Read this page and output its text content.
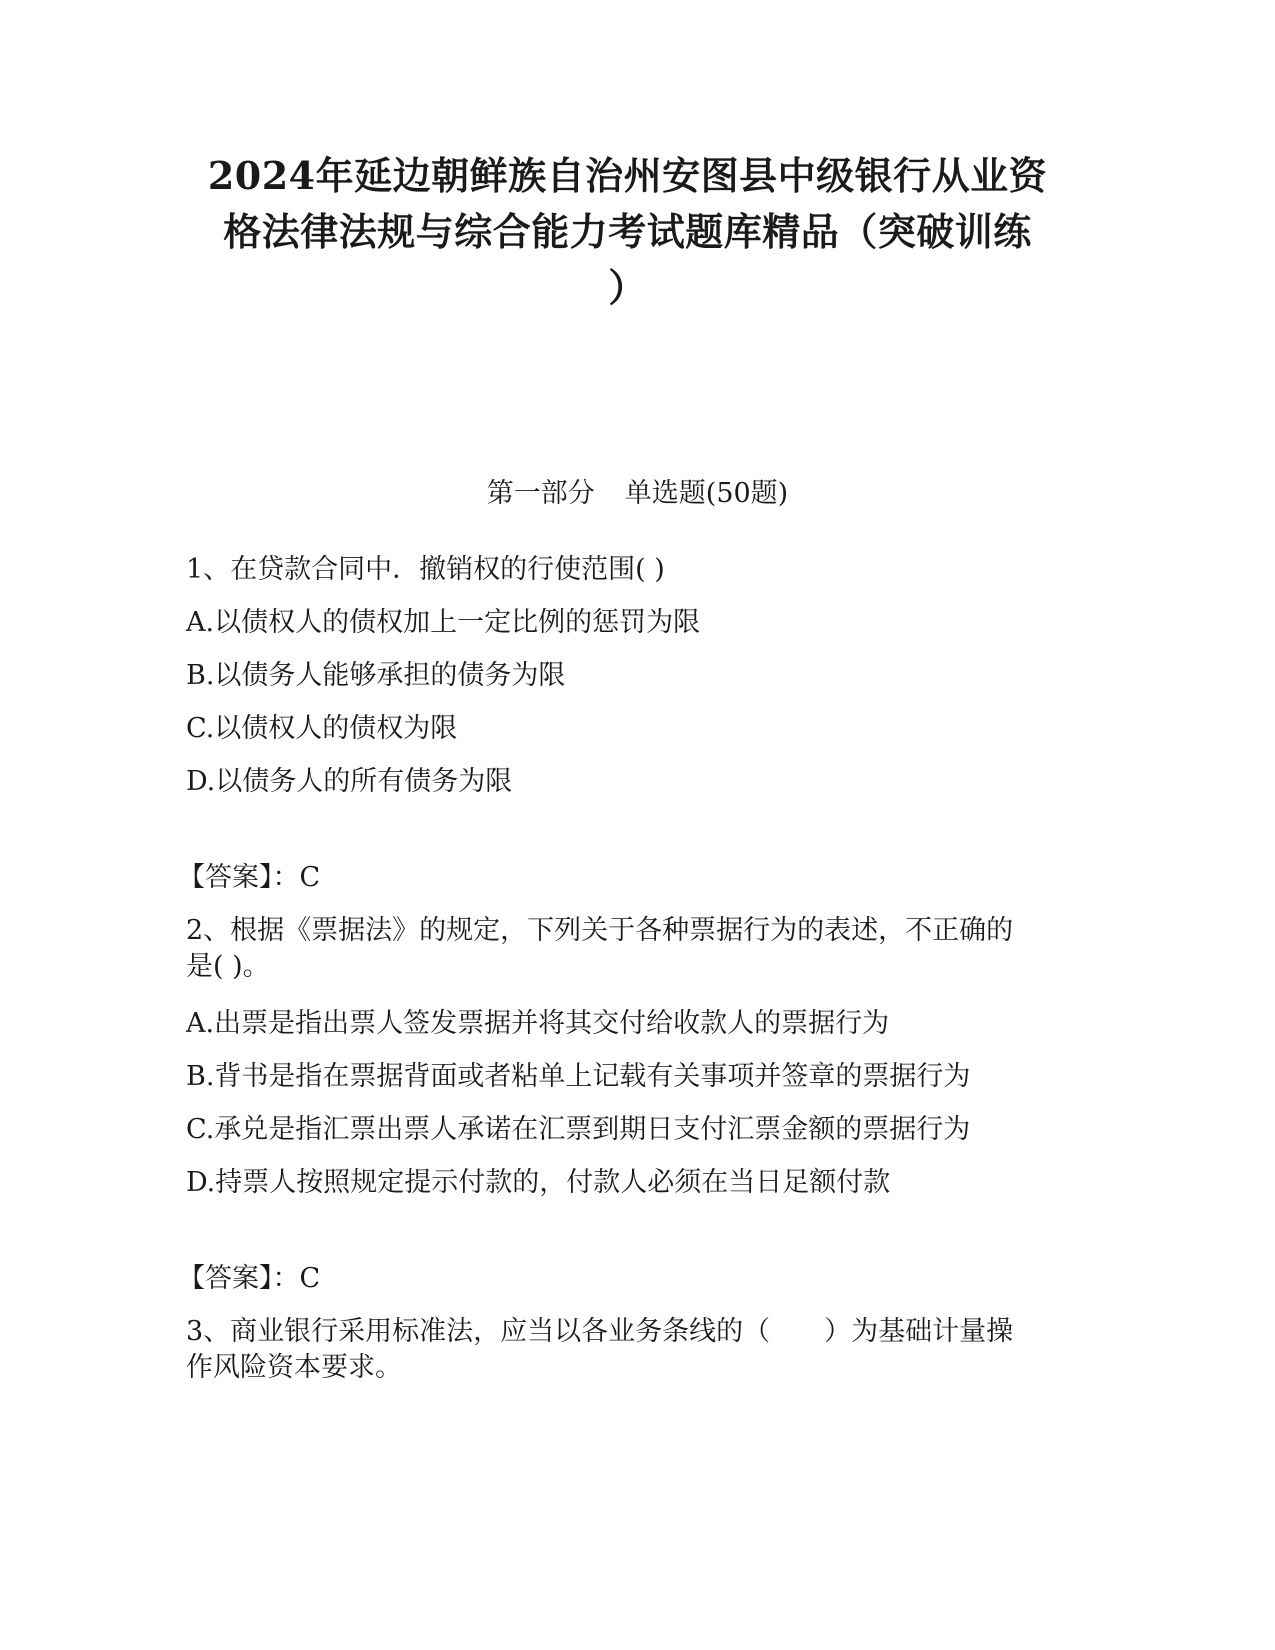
2024年延边朝鲜族自治州安图县中级银行从业资
格法律法规与综合能力考试题库精品（突破训练
）
第一部分 单选题(50题)
1、在贷款合同中．撤销权的行使范围( )
A.以债权人的债权加上一定比例的惩罚为限
B.以债务人能够承担的债务为限
C.以债权人的债权为限
D.以债务人的所有债务为限
【答案】：C
2、根据《票据法》的规定，下列关于各种票据行为的表述，不正确的
是( )。
A.出票是指出票人签发票据并将其交付给收款人的票据行为
B.背书是指在票据背面或者粘单上记载有关事项并签章的票据行为
C.承兑是指汇票出票人承诺在汇票到期日支付汇票金额的票据行为
D.持票人按照规定提示付款的，付款人必须在当日足额付款
【答案】：C
3、商业银行采用标准法，应当以各业务条线的（　　）为基础计量操
作风险资本要求。
